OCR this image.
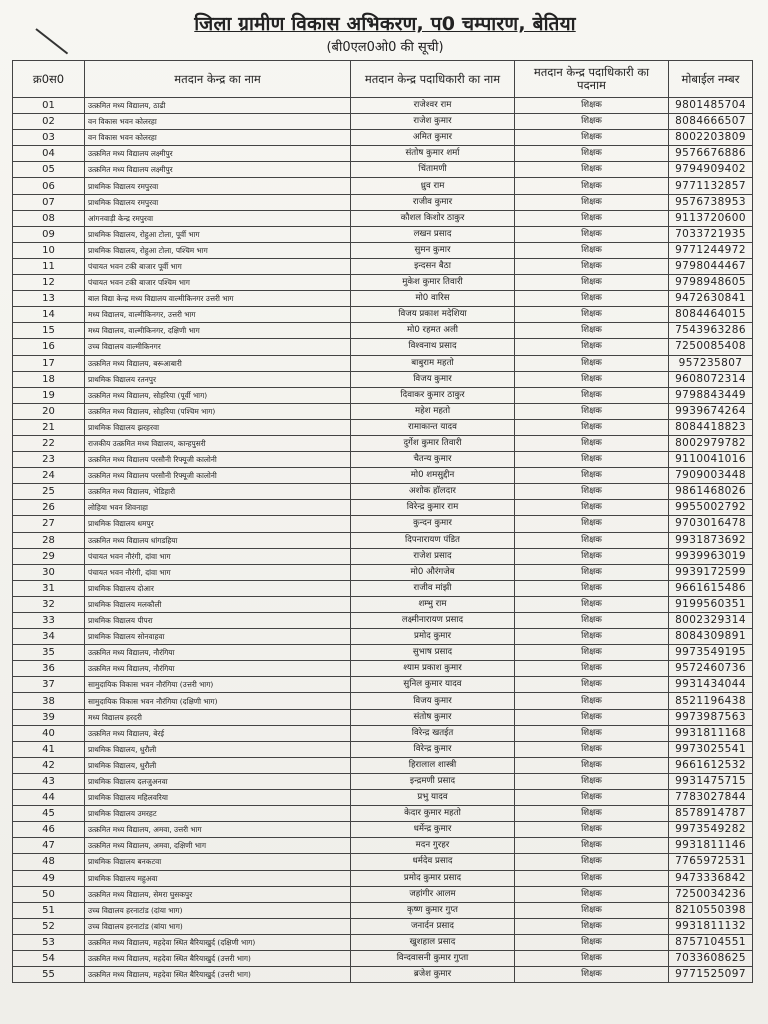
जिला ग्रामीण विकास अभिकरण, प0 चम्पारण, बेतिया
(बी0एल0ओ0 की सूची)
क्र0स0	मतदान केन्द्र का नाम	मतदान केन्द्र पदाधिकारी का नाम	मतदान केन्द्र पदाधिकारी का पदनाम	मोबाईल नम्बर
01	उत्क्रमित मध्य विद्यालय, ठाढी	राजेश्वर राम	शिक्षक	9801485704
02	वन विकास भवन कोलरहा	राजेश कुमार	शिक्षक	8084666507
03	वन विकास भवन कोलरहा	अमित कुमार	शिक्षक	8002203809
04	उत्क्रमित मध्य विद्यालय लक्ष्मीपुर	संतोष कुमार शर्मा	शिक्षक	9576676886
05	उत्क्रमित मध्य विद्यालय लक्ष्मीपुर	चिंतामणी	शिक्षक	9794909402
06	प्राथमिक विद्यालय रमपुरवा	ध्रुव राम	शिक्षक	9771132857
07	प्राथमिक विद्यालय रमपुरवा	राजीव कुमार	शिक्षक	9576738953
08	आंगनवाड़ी केन्द्र रमपुरवा	कौशल किशोर ठाकुर	शिक्षक	9113720600
09	प्राथमिक विद्यालय, रोहुआ टोला, पूर्वी भाग	लखन प्रसाद	शिक्षक	7033721935
10	प्राथमिक विद्यालय, रोहुआ टोला, पश्चिम भाग	सुमन कुमार	शिक्षक	9771244972
11	पंचायत भवन टकी बाजार पूर्वी भाग	इन्दसन बैठा	शिक्षक	9798044467
12	पंचायत भवन टकी बाजार पश्चिम भाग	मुकेश कुमार तिवारी	शिक्षक	9798948605
13	बाल विद्या केन्द्र मध्य विद्यालय वाल्मीकिनगर उत्तरी भाग	मो0 वारिस	शिक्षक	9472630841
14	मध्य विद्यालय, वाल्मीकिनगर, उत्तरी भाग	विजय प्रकाश मदेशिया	शिक्षक	8084464015
15	मध्य विद्यालय, वाल्मीकिनगर, दक्षिणी भाग	मो0 रहमत अली	शिक्षक	7543963286
16	उच्च विद्यालय वाल्मीकिनगर	विश्वनाथ प्रसाद	शिक्षक	7250085408
17	उत्क्रमित मध्य विद्यालय, बरूआबारी	बाबुराम महतो	शिक्षक	957235807
18	प्राथमिक विद्यालय रतनपुर	विजय कुमार	शिक्षक	9608072314
19	उत्क्रमित मध्य विद्यालय, सोहरिया (पूर्वी भाग)	दिवाकर कुमार ठाकुर	शिक्षक	9798843449
20	उत्क्रमित मध्य विद्यालय, सोहरिया (पश्चिम भाग)	महेश महतो	शिक्षक	9939674264
21	प्राथमिक विद्यालय झरहरवा	रामाकान्त यादव	शिक्षक	8084418823
22	राजकीय उत्क्रमित मध्य विद्यालय, कान्हपुसरी	दुर्गेश कुमार तिवारी	शिक्षक	8002979782
23	उत्क्रमित मध्य विद्यालय परसौनी रिफ्यूजी कालोनी	चैतन्य कुमार	शिक्षक	9110041016
24	उत्क्रमित मध्य विद्यालय परसौनी रिफ्यूजी कालोनी	मो0 शमसुद्दीन	शिक्षक	7909003448
25	उत्क्रमित मध्य विद्यालय, भेडिहारी	अशोक हॉलदार	शिक्षक	9861468026
26	लोहिया भवन शिवनाहा	विरेन्द्र कुमार राम	शिक्षक	9955002792
27	प्राथमिक विद्यालय धमपुर	कुन्दन कुमार	शिक्षक	9703016478
28	उत्क्रमित मध्य विद्यालय धांगडहिया	दिपनारायण पंडित	शिक्षक	9931873692
29	पंचायत भवन नौरंगी, दांवा भाग	राजेश प्रसाद	शिक्षक	9939963019
30	पंचायत भवन नौरंगी, दांवा भाग	मो0 औरंगजेब	शिक्षक	9939172599
31	प्राथमिक विद्यालय दोआर	राजीव मांझी	शिक्षक	9661615486
32	प्राथमिक विद्यालय मलकौली	शम्भु राम	शिक्षक	9199560351
33	प्राथमिक विद्यालय पीपरा	लक्ष्मीनारायण प्रसाद	शिक्षक	8002329314
34	प्राथमिक विद्यालय सोनवाहवा	प्रमोद कुमार	शिक्षक	8084309891
35	उत्क्रमित मध्य विद्यालय, नौरंगिया	सुभाष प्रसाद	शिक्षक	9973549195
36	उत्क्रमित मध्य विद्यालय, नौरंगिया	श्याम प्रकाश कुमार	शिक्षक	9572460736
37	सामुदायिक विकास भवन नौरंगिया (उत्तरी भाग)	सुनिल कुमार यादव	शिक्षक	9931434044
38	सामुदायिक विकास भवन नौरंगिया (दक्षिणी भाग)	विजय कुमार	शिक्षक	8521196438
39	मध्य विद्यालय हरदरी	संतोष कुमार	शिक्षक	9973987563
40	उत्क्रमित मध्य विद्यालय, बेरई	विरेन्द्र खतईत	शिक्षक	9931811168
41	प्राथमिक विद्यालय, धुरौली	विरेन्द्र कुमार	शिक्षक	9973025541
42	प्राथमिक विद्यालय, धुरौली	हिरालाल शास्त्री	शिक्षक	9661612532
43	प्राथमिक विद्यालय दलजुअनवा	इन्द्रमणी प्रसाद	शिक्षक	9931475715
44	प्राथमिक विद्यालय महिलवरिया	प्रभु यादव	शिक्षक	7783027844
45	प्राथमिक विद्यालय उमरहट	केदार कुमार महतो	शिक्षक	8578914787
46	उत्क्रमित मध्य विद्यालय, अमवा, उत्तरी भाग	धर्मेन्द्र कुमार	शिक्षक	9973549282
47	उत्क्रमित मध्य विद्यालय, अमवा, दक्षिणी भाग	मदन गुरहर	शिक्षक	9931811146
48	प्राथमिक विद्यालय बनकटवा	धर्मदेव प्रसाद	शिक्षक	7765972531
49	प्राथमिक विद्यालय महुअवा	प्रमोद कुमार प्रसाद	शिक्षक	9473336842
50	उत्क्रमित मध्य विद्यालय, सेमरा घुसकपुर	जहांगीर आलम	शिक्षक	7250034236
51	उच्च विद्यालय हरनाटांड (दांया भाग)	कृष्ण कुमार गुप्त	शिक्षक	8210550398
52	उच्च विद्यालय हरनाटांड (बांया भाग)	जनार्दन प्रसाद	शिक्षक	9931811132
53	उत्क्रमित मध्य विद्यालय, महदेवा स्थित बैरियाखुर्द (दक्षिणी भाग)	खुशहाल प्रसाद	शिक्षक	8757104551
54	उत्क्रमित मध्य विद्यालय, महदेवा स्थित बैरियाखुर्द (उत्तरी भाग)	विन्दवासनी कुमार गुप्ता	शिक्षक	7033608625
55	उत्क्रमित मध्य विद्यालय, महदेवा स्थित बैरियाखुर्द (उत्तरी भाग)	ब्रजेश कुमार	शिक्षक	9771525097
